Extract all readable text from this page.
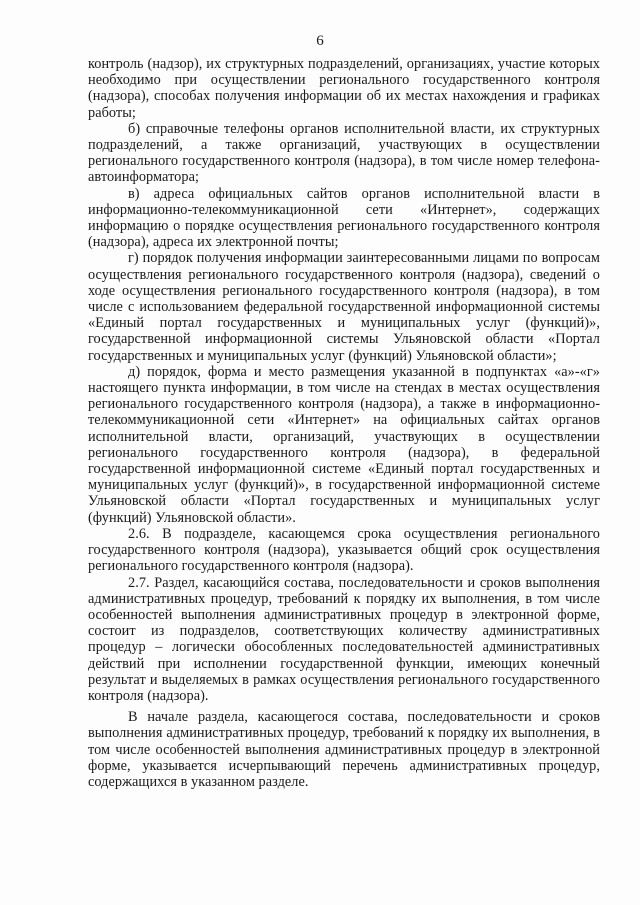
6

контроль (надзор), их структурных подразделений, организациях, участие которых необходимо при осуществлении регионального государственного контроля (надзора), способах получения информации об их местах нахождения и графиках работы;

б) справочные телефоны органов исполнительной власти, их структурных подразделений, а также организаций, участвующих в осуществлении регионального государственного контроля (надзора), в том числе номер телефона-автоинформатора;

в) адреса официальных сайтов органов исполнительной власти в информационно-телекоммуникационной сети «Интернет», содержащих информацию о порядке осуществления регионального государственного контроля (надзора), адреса их электронной почты;

г) порядок получения информации заинтересованными лицами по вопросам осуществления регионального государственного контроля (надзора), сведений о ходе осуществления регионального государственного контроля (надзора), в том числе с использованием федеральной государственной информационной системы «Единый портал государственных и муниципальных услуг (функций)», государственной информационной системы Ульяновской области «Портал государственных и муниципальных услуг (функций) Ульяновской области»;

д) порядок, форма и место размещения указанной в подпунктах «а»-«г» настоящего пункта информации, в том числе на стендах в местах осуществления регионального государственного контроля (надзора), а также в информационно-телекоммуникационной сети «Интернет» на официальных сайтах органов исполнительной власти, организаций, участвующих в осуществлении регионального государственного контроля (надзора), в федеральной государственной информационной системе «Единый портал государственных и муниципальных услуг (функций)», в государственной информационной системе Ульяновской области «Портал государственных и муниципальных услуг (функций) Ульяновской области».

2.6. В подразделе, касающемся срока осуществления регионального государственного контроля (надзора), указывается общий срок осуществления регионального государственного контроля (надзора).

2.7. Раздел, касающийся состава, последовательности и сроков выполнения административных процедур, требований к порядку их выполнения, в том числе особенностей выполнения административных процедур в электронной форме, состоит из подразделов, соответствующих количеству административных процедур – логически обособленных последовательностей административных действий при исполнении государственной функции, имеющих конечный результат и выделяемых в рамках осуществления регионального государственного контроля (надзора).

В начале раздела, касающегося состава, последовательности и сроков выполнения административных процедур, требований к порядку их выполнения, в том числе особенностей выполнения административных процедур в электронной форме, указывается исчерпывающий перечень административных процедур, содержащихся в указанном разделе.
